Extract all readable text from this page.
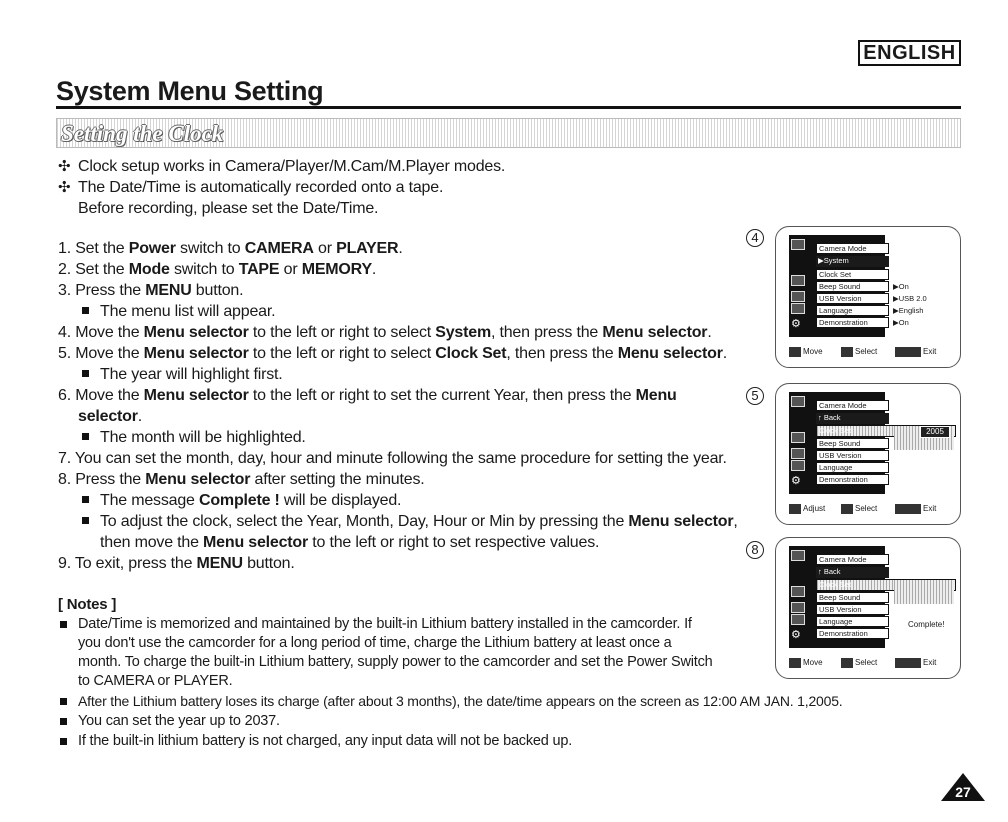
ENGLISH
System Menu Setting
Setting the Clock
✣ Clock setup works in Camera/Player/M.Cam/M.Player modes.
✣ The Date/Time is automatically recorded onto a tape.
Before recording, please set the Date/Time.
1. Set the Power switch to CAMERA or PLAYER.
2. Set the Mode switch to TAPE or MEMORY.
3. Press the MENU button.
The menu list will appear.
4. Move the Menu selector to the left or right to select System, then press the Menu selector.
5. Move the Menu selector to the left or right to select Clock Set, then press the Menu selector.
The year will highlight first.
6. Move the Menu selector to the left or right to set the current Year, then press the Menu
selector.
The month will be highlighted.
7. You can set the month, day, hour and minute following the same procedure for setting the year.
8. Press the Menu selector after setting the minutes.
The message Complete ! will be displayed.
To adjust the clock, select the Year, Month, Day, Hour or Min by pressing the Menu selector,
then move the Menu selector to the left or right to set respective values.
9. To exit, press the MENU button.
[ Notes ]
Date/Time is memorized and maintained by the built-in Lithium battery installed in the camcorder. If
you don't use the camcorder for a long period of time, charge the Lithium battery at least once a
month. To charge the built-in Lithium battery, supply power to the camcorder and set the Power Switch
to CAMERA or PLAYER.
After the Lithium battery loses its charge (after about 3 months), the date/time appears on the screen as 12:00 AM JAN. 1,2005.
You can set the year up to 2037.
If the built-in lithium battery is not charged, any input data will not be backed up.
4
5
8
⚙
Camera Mode
▶System
Clock Set
Beep Sound
USB Version
Language
Demonstration
▶On
▶USB 2.0
▶English
▶On
Move	Select	Exit
⚙
Camera Mode
↑ Back
Clock Set
Beep Sound
USB Version
Language
Demonstration
2005
Adjust	Select	Exit
⚙
Camera Mode
↑ Back
Clock Set
Beep Sound
USB Version
Language
Demonstration
Complete!
Move	Select	Exit
27
